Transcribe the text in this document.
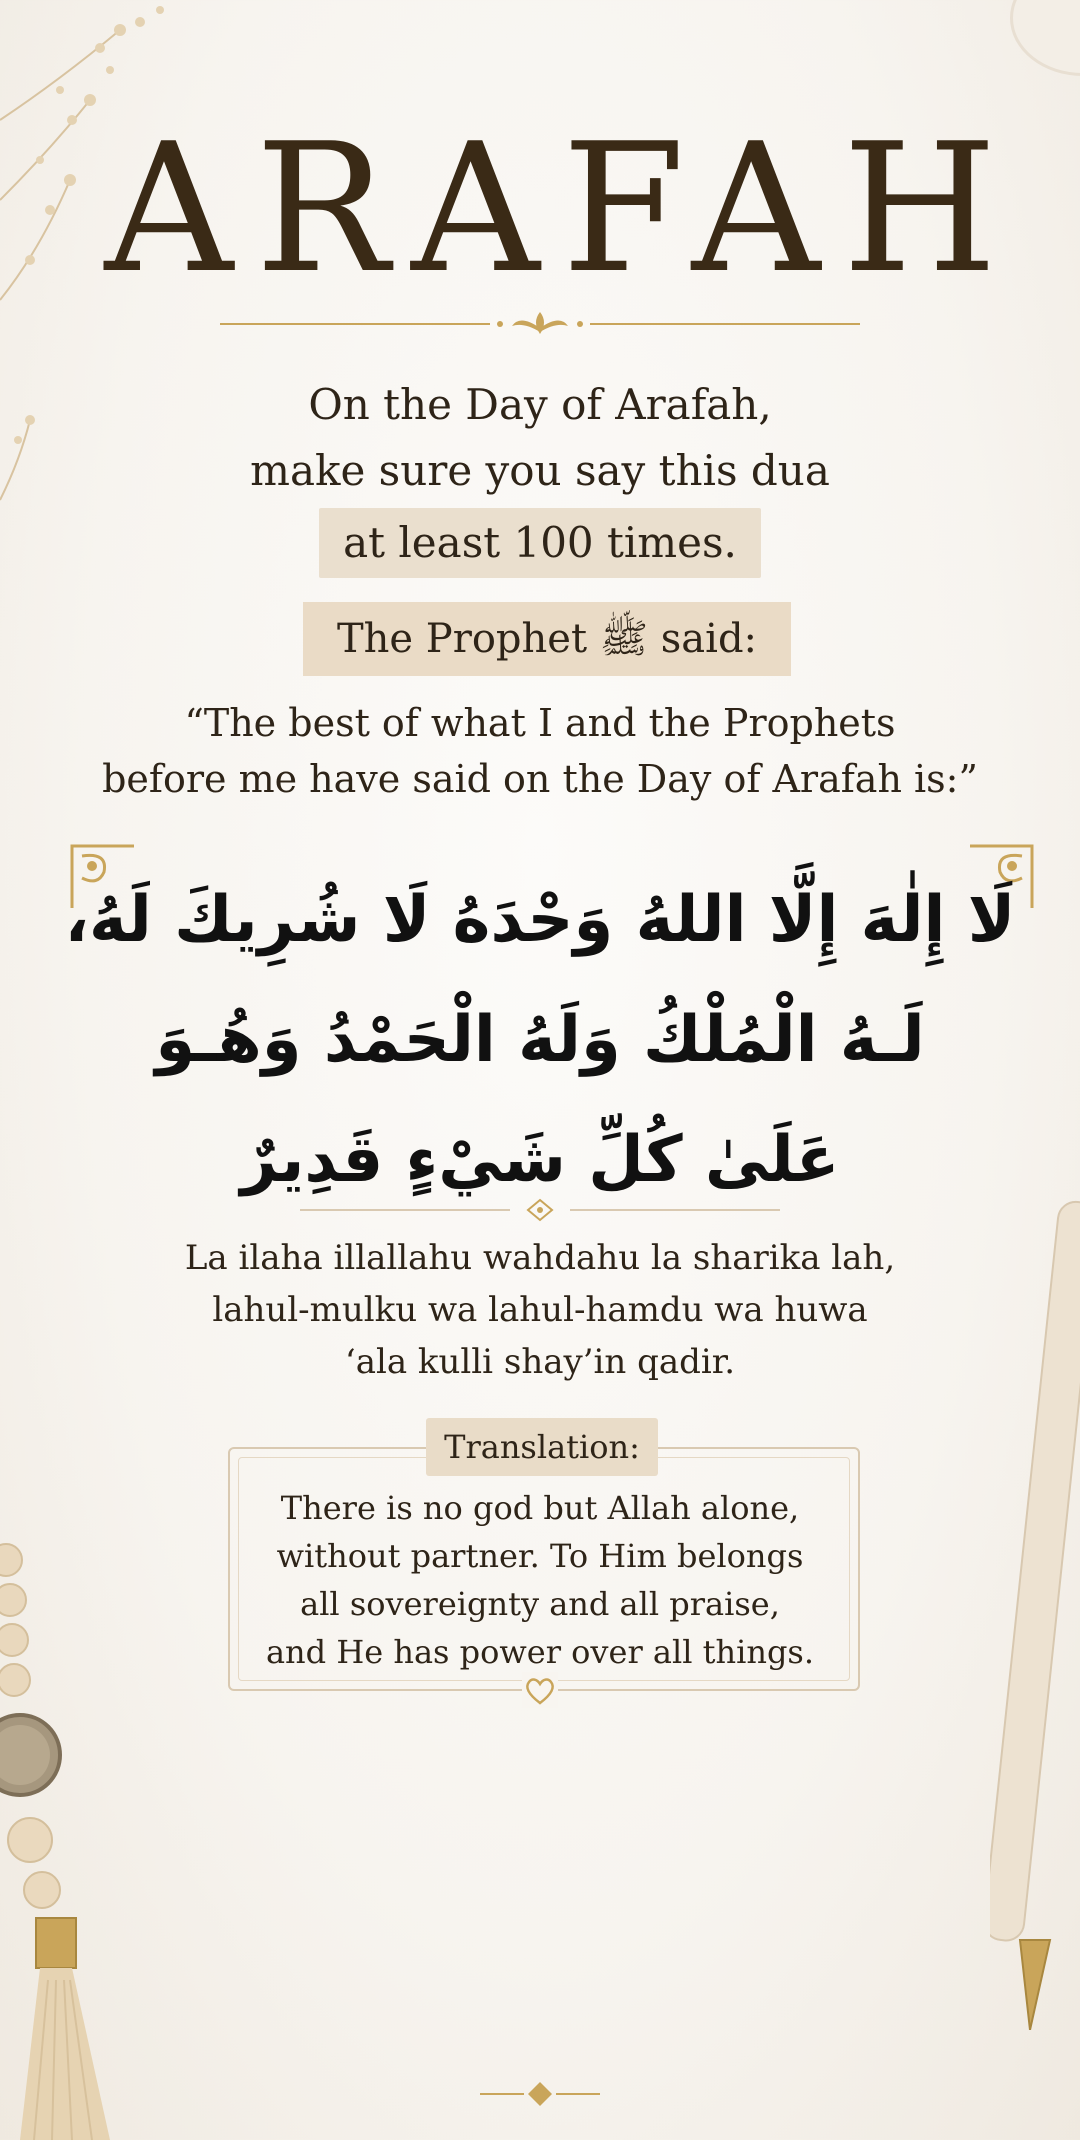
ARAFAH
On the Day of Arafah,
make sure you say this dua
at least 100 times.
The Prophet ﷺ said:
“The best of what I and the Prophets
before me have said on the Day of Arafah is:”
لَا إِلٰهَ إِلَّا اللهُ وَحْدَهُ لَا شُرِيكَ لَهُ،
لَـهُ الْمُلْكُ وَلَهُ الْحَمْدُ وَهُـوَ
عَلَىٰ كُلِّ شَيْءٍ قَدِيرٌ
La ilaha illallahu wahdahu la sharika lah,
lahul-mulku wa lahul-hamdu wa huwa
‘ala kulli shay’in qadir.
Translation:
There is no god but Allah alone,
without partner. To Him belongs
all sovereignty and all praise,
and He has power over all things.
